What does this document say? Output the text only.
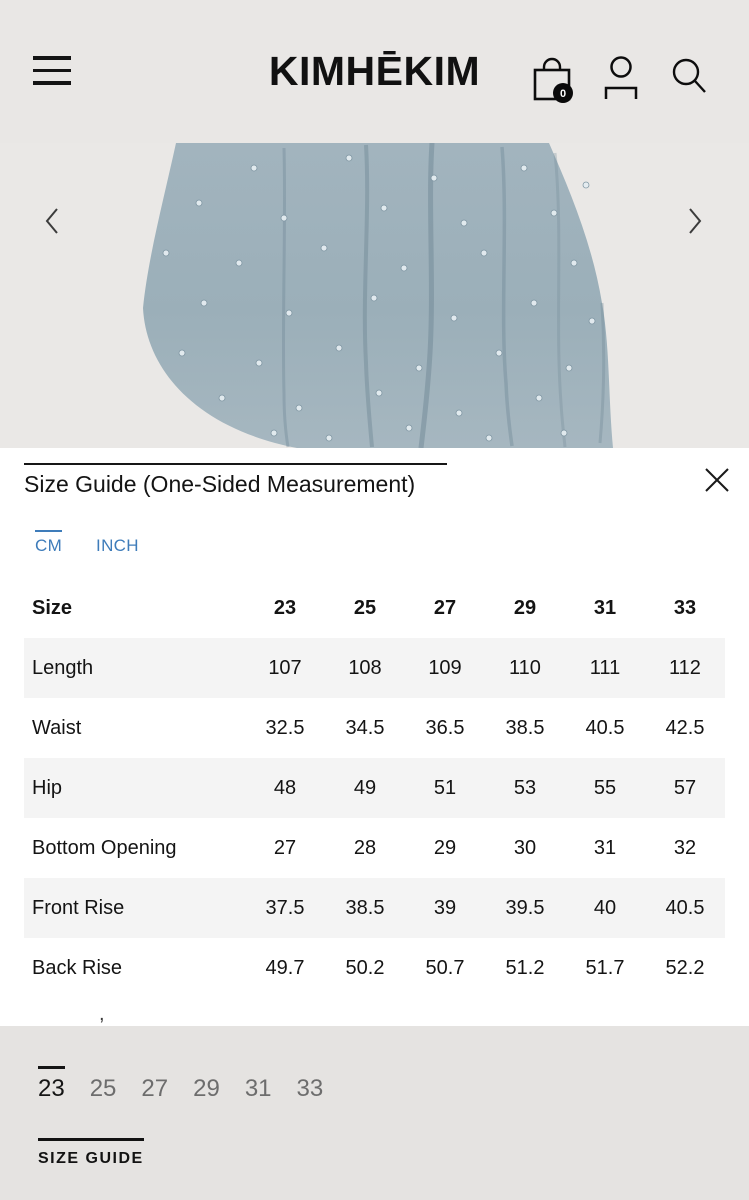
KIMHĒKIM	0
23 25 27 29 31 33
SIZE GUIDE
Size Guide (One-Sided Measurement)
CM INCH
Size	23	25	27	29	31	33
Length	107	108	109	110	111	112
Waist	32.5	34.5	36.5	38.5	40.5	42.5
Hip	48	49	51	53	55	57
Bottom Opening	27	28	29	30	31	32
Front Rise	37.5	38.5	39	39.5	40	40.5
Back Rise	49.7	50.2	50.7	51.2	51.7	52.2
,
